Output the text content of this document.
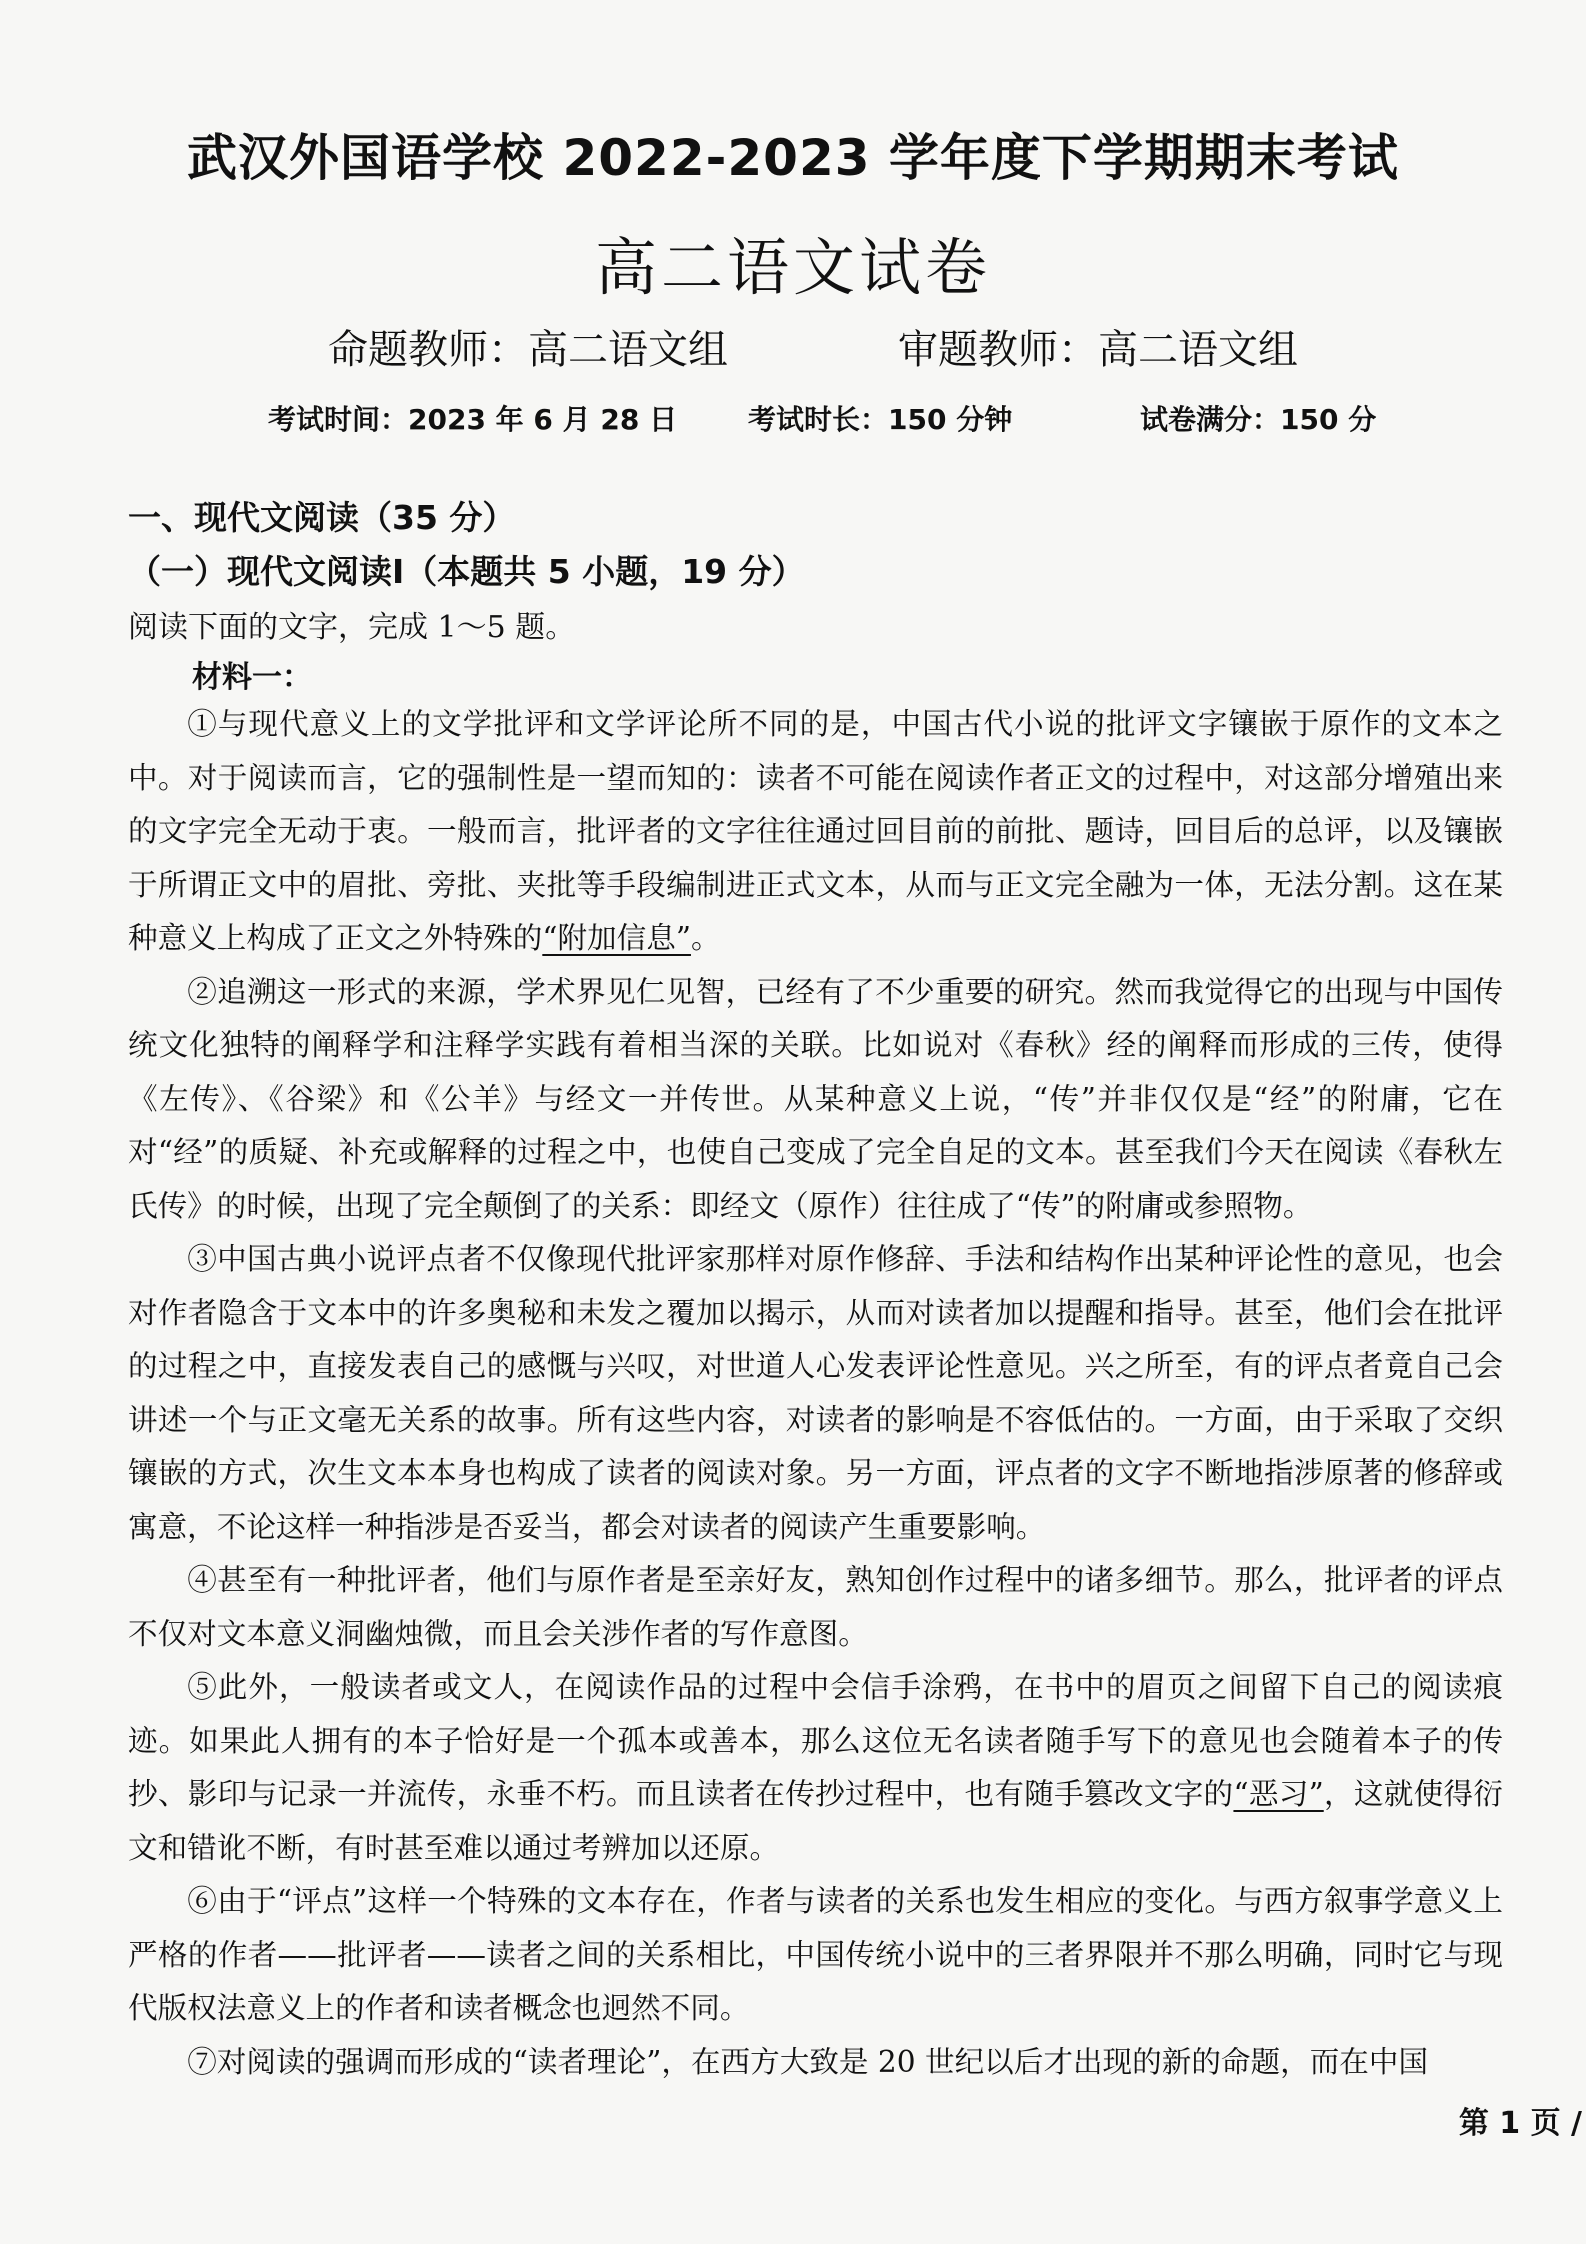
武汉外国语学校 2022-2023 学年度下学期期末考试
高二语文试卷
命题教师：高二语文组	审题教师：高二语文组
考试时间：2023 年 6 月 28 日	考试时长：150 分钟	试卷满分：150 分
一、现代文阅读（35 分）
（一）现代文阅读Ⅰ（本题共 5 小题，19 分）
阅读下面的文字，完成 1～5 题。
材料一：

①与现代意义上的文学批评和文学评论所不同的是，中国古代小说的批评文字镶嵌于原作的文本之中。对于阅读而言，它的强制性是一望而知的：读者不可能在阅读作者正文的过程中，对这部分增殖出来的文字完全无动于衷。一般而言，批评者的文字往往通过回目前的前批、题诗，回目后的总评，以及镶嵌于所谓正文中的眉批、旁批、夹批等手段编制进正式文本，从而与正文完全融为一体，无法分割。这在某种意义上构成了正文之外特殊的“附加信息”。

②追溯这一形式的来源，学术界见仁见智，已经有了不少重要的研究。然而我觉得它的出现与中国传统文化独特的阐释学和注释学实践有着相当深的关联。比如说对《春秋》经的阐释而形成的三传，使得《左传》、《谷梁》和《公羊》与经文一并传世。从某种意义上说，“传”并非仅仅是“经”的附庸，它在对“经”的质疑、补充或解释的过程之中，也使自己变成了完全自足的文本。甚至我们今天在阅读《春秋左氏传》的时候，出现了完全颠倒了的关系：即经文（原作）往往成了“传”的附庸或参照物。

③中国古典小说评点者不仅像现代批评家那样对原作修辞、手法和结构作出某种评论性的意见，也会对作者隐含于文本中的许多奥秘和未发之覆加以揭示，从而对读者加以提醒和指导。甚至，他们会在批评的过程之中，直接发表自己的感慨与兴叹，对世道人心发表评论性意见。兴之所至，有的评点者竟自己会讲述一个与正文毫无关系的故事。所有这些内容，对读者的影响是不容低估的。一方面，由于采取了交织镶嵌的方式，次生文本本身也构成了读者的阅读对象。另一方面，评点者的文字不断地指涉原著的修辞或寓意，不论这样一种指涉是否妥当，都会对读者的阅读产生重要影响。

④甚至有一种批评者，他们与原作者是至亲好友，熟知创作过程中的诸多细节。那么，批评者的评点不仅对文本意义洞幽烛微，而且会关涉作者的写作意图。

⑤此外，一般读者或文人，在阅读作品的过程中会信手涂鸦，在书中的眉页之间留下自己的阅读痕迹。如果此人拥有的本子恰好是一个孤本或善本，那么这位无名读者随手写下的意见也会随着本子的传抄、影印与记录一并流传，永垂不朽。而且读者在传抄过程中，也有随手篡改文字的“恶习”，这就使得衍文和错讹不断，有时甚至难以通过考辨加以还原。

⑥由于“评点”这样一个特殊的文本存在，作者与读者的关系也发生相应的变化。与西方叙事学意义上严格的作者——批评者——读者之间的关系相比，中国传统小说中的三者界限并不那么明确，同时它与现代版权法意义上的作者和读者概念也迥然不同。

⑦对阅读的强调而形成的“读者理论”，在西方大致是 20 世纪以后才出现的新的命题，而在中国

第 1 页 /
